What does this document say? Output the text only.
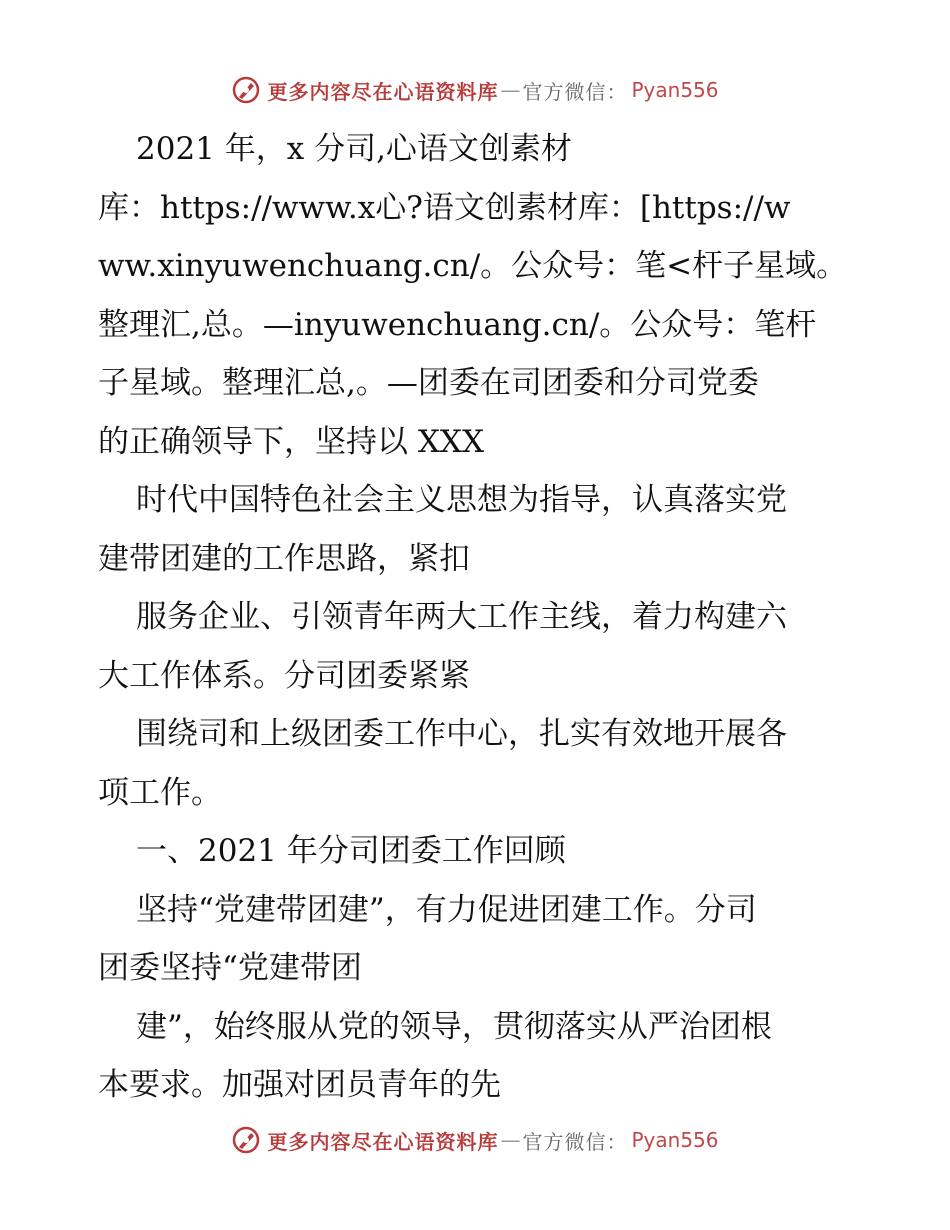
更多内容尽在心语资料库 — 官方微信： Pyan556
2021 年，x 分司,心语文创素材
库：https://www.x心?语文创素材库：[https://w
ww.xinyuwenchuang.cn/。公众号：笔<杆子星域。
整理汇,总。—inyuwenchuang.cn/。公众号：笔杆
子星域。整理汇总,。—团委在司团委和分司党委
的正确领导下，坚持以 XXX
时代中国特色社会主义思想为指导，认真落实党
建带团建的工作思路，紧扣
服务企业、引领青年两大工作主线，着力构建六
大工作体系。分司团委紧紧
围绕司和上级团委工作中心，扎实有效地开展各
项工作。
一、2021 年分司团委工作回顾
坚持“党建带团建”，有力促进团建工作。分司
团委坚持“党建带团
建”，始终服从党的领导，贯彻落实从严治团根
本要求。加强对团员青年的先
更多内容尽在心语资料库 — 官方微信： Pyan556
